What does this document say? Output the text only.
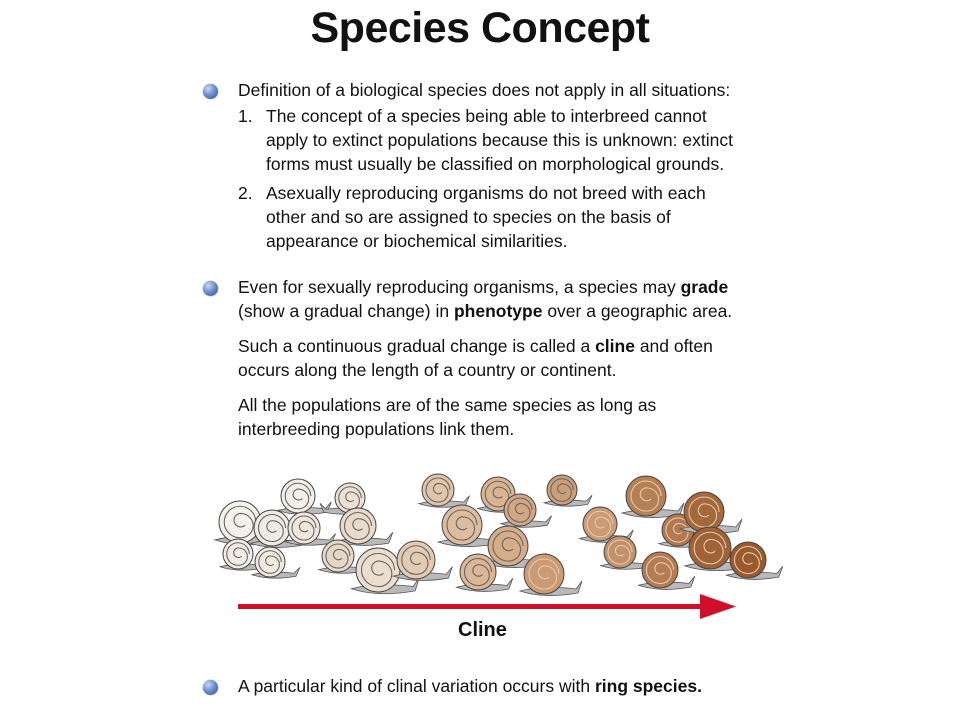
Species Concept
Definition of a biological species does not apply in all situations:
1. The concept of a species being able to interbreed cannot
apply to extinct populations because this is unknown: extinct
forms must usually be classified on morphological grounds.
2. Asexually reproducing organisms do not breed with each
other and so are assigned to species on the basis of
appearance or biochemical similarities.
Even for sexually reproducing organisms, a species may grade
(show a gradual change) in phenotype over a geographic area.
Such a continuous gradual change is called a cline and often
occurs along the length of a country or continent.
All the populations are of the same species as long as
interbreeding populations link them.
Cline
A particular kind of clinal variation occurs with ring species.
